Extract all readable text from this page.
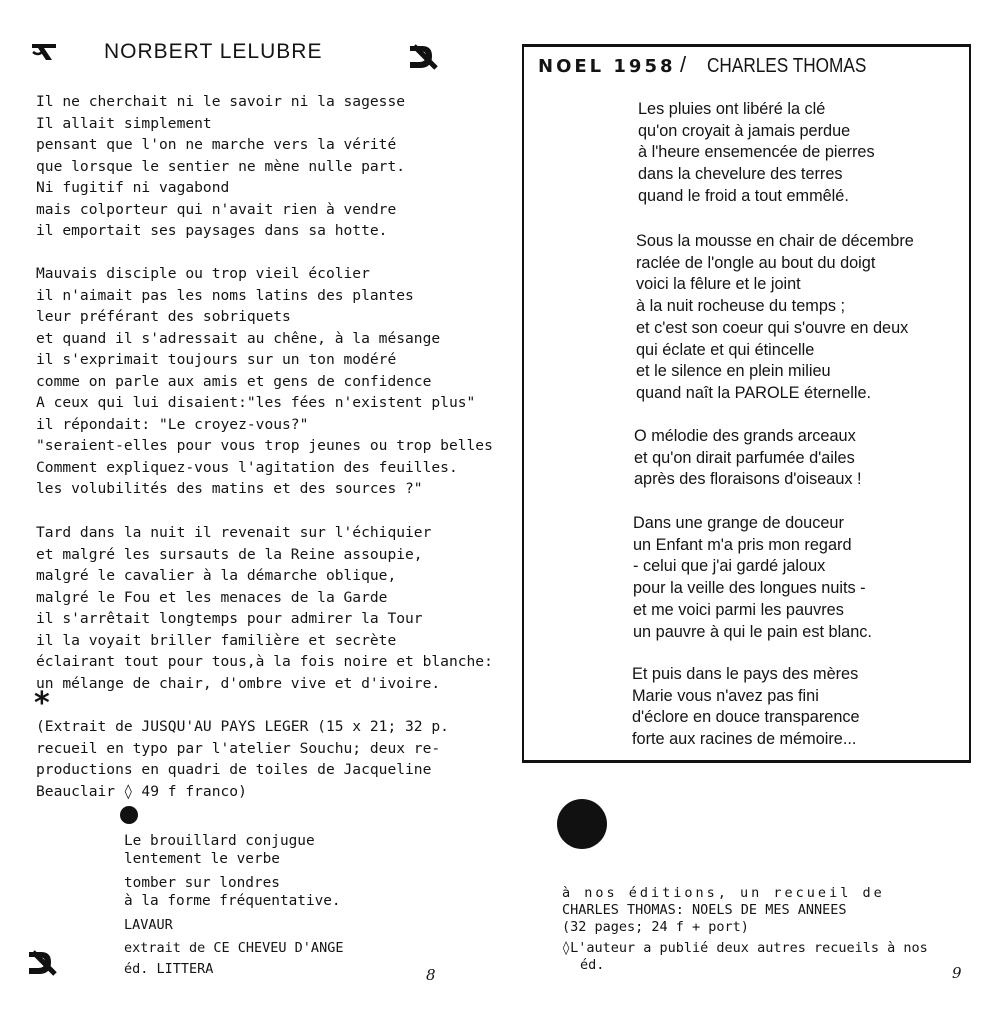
NORBERT LELUBRE
Il ne cherchait ni le savoir ni la sagesse
Il allait simplement
pensant que l'on ne marche vers la vérité
que lorsque le sentier ne mène nulle part.
Ni fugitif ni vagabond
mais colporteur qui n'avait rien à vendre
il emportait ses paysages dans sa hotte.
Mauvais disciple ou trop vieil écolier
il n'aimait pas les noms latins des plantes
leur préférant des sobriquets
et quand il s'adressait au chêne, à la mésange
il s'exprimait toujours sur un ton modéré
comme on parle aux amis et gens de confidence
A ceux qui lui disaient:"les fées n'existent plus"
il répondait: "Le croyez-vous?"
"seraient-elles pour vous trop jeunes ou trop belles
Comment expliquez-vous l'agitation des feuilles.
les volubilités des matins et des sources ?"
Tard dans la nuit il revenait sur l'échiquier
et malgré les sursauts de la Reine assoupie,
malgré le cavalier à la démarche oblique,
malgré le Fou et les menaces de la Garde
il s'arrêtait longtemps pour admirer la Tour
il la voyait briller familière et secrète
éclairant tout pour tous,à la fois noire et blanche:
un mélange de chair, d'ombre vive et d'ivoire.
*
(Extrait de JUSQU'AU PAYS LEGER (15 x 21; 32 p.
recueil en typo par l'atelier Souchu; deux re-
productions en quadri de toiles de Jacqueline
Beauclair ◊ 49 f franco)
Le brouillard conjugue
lentement le verbe
tomber sur londres
à la forme fréquentative.
LAVAUR
extrait de CE CHEVEU D'ANGE
éd. LITTERA	8
NOEL 1958 / CHARLES THOMAS
Les pluies ont libéré la clé
qu'on croyait à jamais perdue
à l'heure ensemencée de pierres
dans la chevelure des terres
quand le froid a tout emmêlé.
Sous la mousse en chair de décembre
raclée de l'ongle au bout du doigt
voici la fêlure et le joint
à la nuit rocheuse du temps ;
et c'est son coeur qui s'ouvre en deux
qui éclate et qui étincelle
et le silence en plein milieu
quand naît la PAROLE éternelle.
O mélodie des grands arceaux
et qu'on dirait parfumée d'ailes
après des floraisons d'oiseaux !
Dans une grange de douceur
un Enfant m'a pris mon regard
- celui que j'ai gardé jaloux
pour la veille des longues nuits -
et me voici parmi les pauvres
un pauvre à qui le pain est blanc.
Et puis dans le pays des mères
Marie vous n'avez pas fini
d'éclore en douce transparence
forte aux racines de mémoire...
à nos éditions, un recueil de
CHARLES THOMAS: NOELS DE MES ANNEES
(32 pages; 24 f + port)
◊L'auteur a publié deux autres recueils à nos
éd.	9
